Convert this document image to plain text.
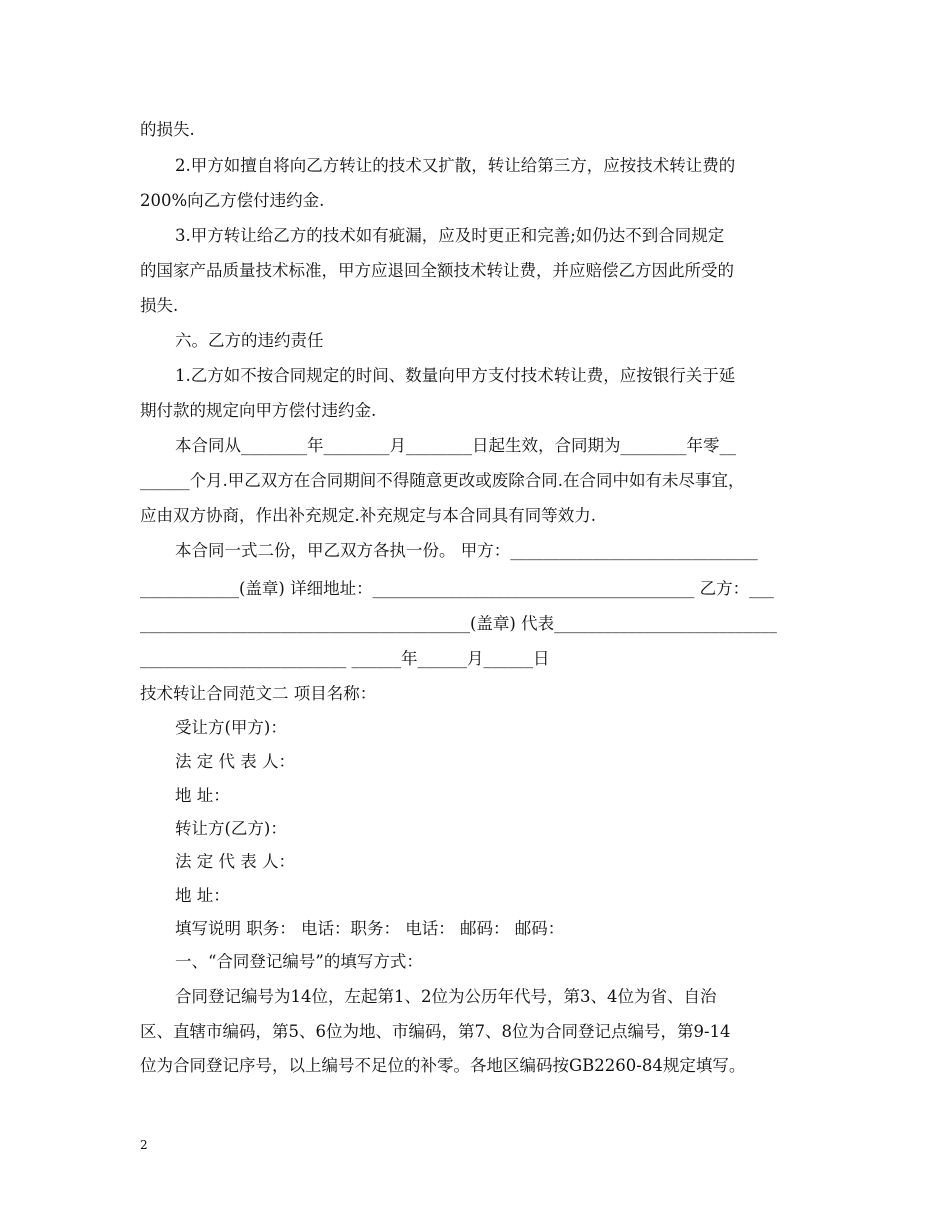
的损失.
2.甲方如擅自将向乙方转让的技术又扩散，转让给第三方，应按技术转让费的
200%向乙方偿付违约金.
3.甲方转让给乙方的技术如有疵漏，应及时更正和完善;如仍达不到合同规定
的国家产品质量技术标准，甲方应退回全额技术转让费，并应赔偿乙方因此所受的
损失.
六。乙方的违约责任
1.乙方如不按合同规定的时间、数量向甲方支付技术转让费，应按银行关于延
期付款的规定向甲方偿付违约金.
本合同从________年________月________日起生效，合同期为________年零__
______个月.甲乙双方在合同期间不得随意更改或废除合同.在合同中如有未尽事宜，
应由双方协商，作出补充规定.补充规定与本合同具有同等效力.
本合同一式二份，甲乙双方各执一份。 甲方：______________________________
____________(盖章) 详细地址：_______________________________________ 乙方：___
________________________________________(盖章) 代表___________________________
_________________________ ______年______月______日
技术转让合同范文二 项目名称：
受让方(甲方)：
法 定 代 表 人：
地 址：
转让方(乙方)：
法 定 代 表 人：
地 址：
填写说明 职务： 电话：职务： 电话： 邮码： 邮码：
一、“合同登记编号”的填写方式：
合同登记编号为14位，左起第1、2位为公历年代号，第3、4位为省、自治
区、直辖市编码，第5、6位为地、市编码，第7、8位为合同登记点编号，第9-14
位为合同登记序号，以上编号不足位的补零。各地区编码按GB2260-84规定填写。
2
